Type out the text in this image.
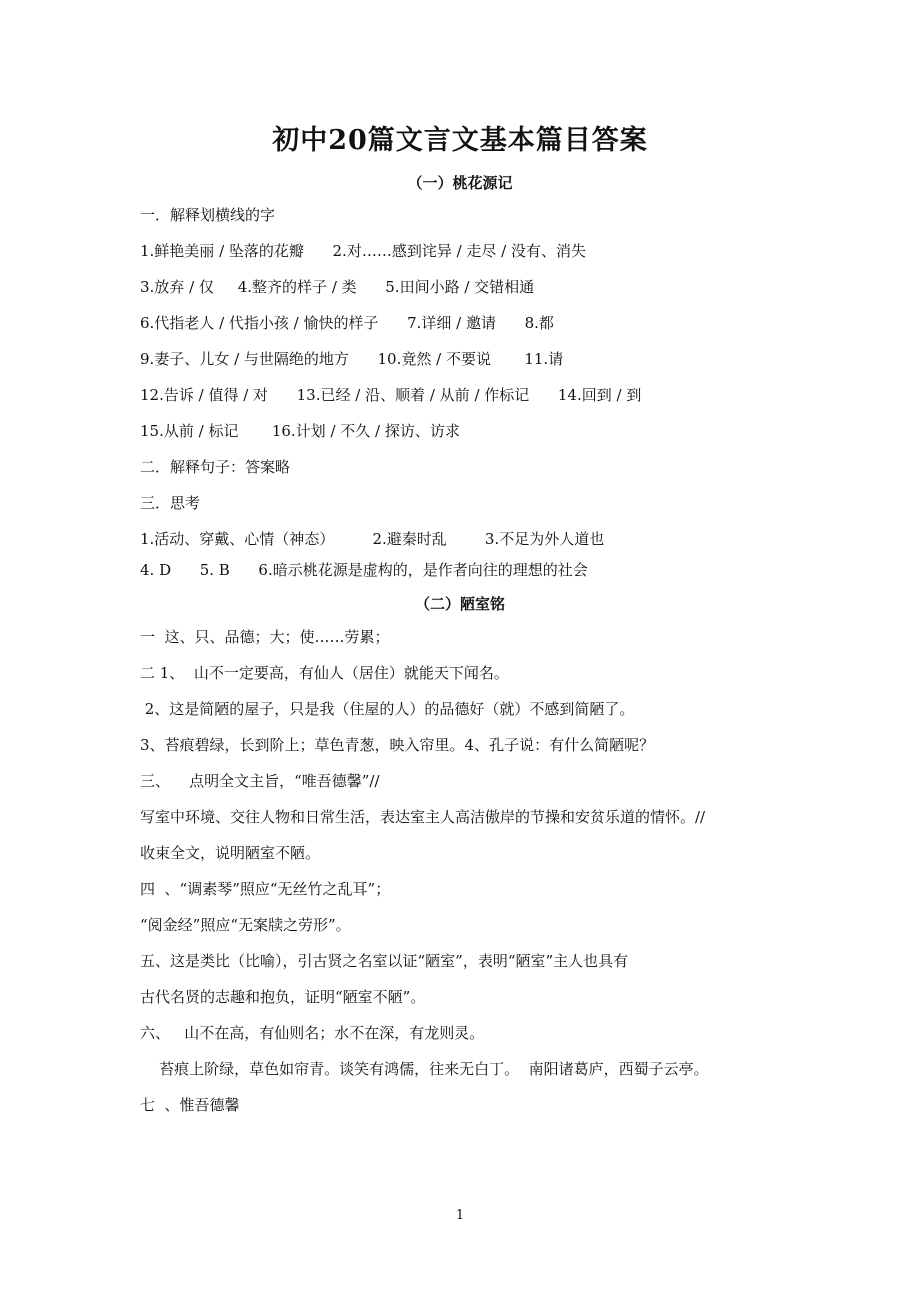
初中20篇文言文基本篇目答案
（一）桃花源记
一．解释划横线的字
1.鲜艳美丽 / 坠落的花瓣      2.对……感到诧异 / 走尽 / 没有、消失
3.放弃 / 仅     4.整齐的样子 / 类      5.田间小路 / 交错相通
6.代指老人 / 代指小孩 / 愉快的样子      7.详细 / 邀请      8.都
9.妻子、儿女 / 与世隔绝的地方      10.竟然 / 不要说       11.请
12.告诉 / 值得 / 对      13.已经 / 沿、顺着 / 从前 / 作标记      14.回到 / 到
15.从前 / 标记       16.计划 / 不久 / 探访、访求
二．解释句子：答案略
三．思考
1.活动、穿戴、心情（神态）        2.避秦时乱        3.不足为外人道也
4. D      5. B      6.暗示桃花源是虚构的，是作者向往的理想的社会
（二）陋室铭
一  这、只、品德；大；使……劳累；
二 1、  山不一定要高，有仙人（居住）就能天下闻名。
2、这是简陋的屋子，只是我（住屋的人）的品德好（就）不感到简陋了。
3、苔痕碧绿，长到阶上；草色青葱，映入帘里。4、孔子说：有什么简陋呢？
三、    点明全文主旨，“唯吾德馨”//
写室中环境、交往人物和日常生活，表达室主人高洁傲岸的节操和安贫乐道的情怀。//
收束全文，说明陋室不陋。
四  、“调素琴”照应“无丝竹之乱耳”；
“阅金经”照应“无案牍之劳形”。
五、这是类比（比喻），引古贤之名室以证“陋室”，表明“陋室”主人也具有
古代名贤的志趣和抱负，证明“陋室不陋”。
六、   山不在高，有仙则名；水不在深，有龙则灵。
苔痕上阶绿，草色如帘青。谈笑有鸿儒，往来无白丁。  南阳诸葛庐，西蜀子云亭。
七  、惟吾德馨
1
